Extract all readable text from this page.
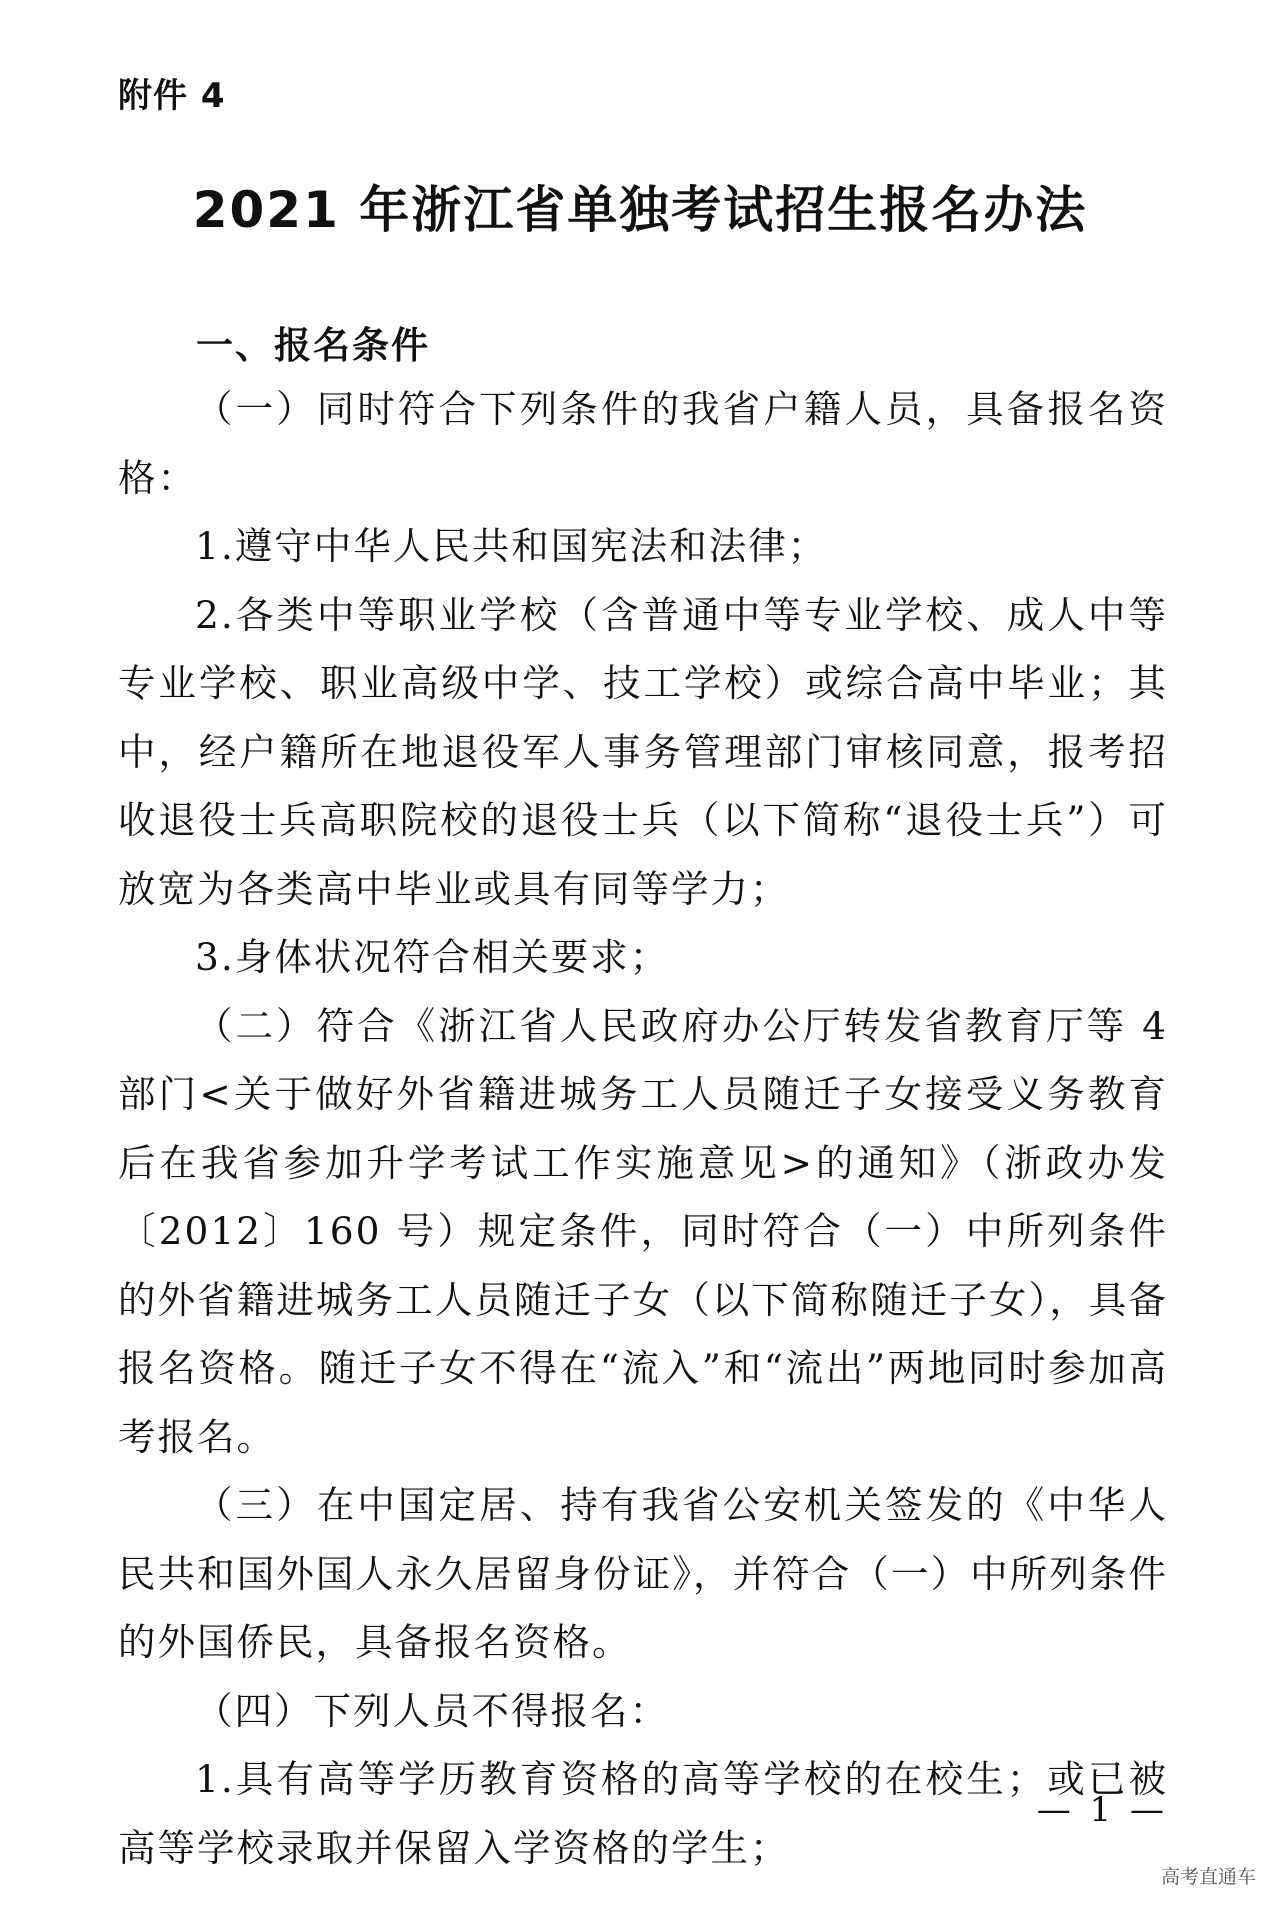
附件 4
2021 年浙江省单独考试招生报名办法
一、报名条件

（一）同时符合下列条件的我省户籍人员，具备报名资格：

1.遵守中华人民共和国宪法和法律；

2.各类中等职业学校（含普通中等专业学校、成人中等专业学校、职业高级中学、技工学校）或综合高中毕业；其中，经户籍所在地退役军人事务管理部门审核同意，报考招收退役士兵高职院校的退役士兵（以下简称“退役士兵”）可放宽为各类高中毕业或具有同等学力；

3.身体状况符合相关要求；

（二）符合《浙江省人民政府办公厅转发省教育厅等 4 部门<关于做好外省籍进城务工人员随迁子女接受义务教育后在我省参加升学考试工作实施意见>的通知》（浙政办发〔2012〕160 号）规定条件，同时符合（一）中所列条件的外省籍进城务工人员随迁子女（以下简称随迁子女），具备报名资格。随迁子女不得在“流入”和“流出”两地同时参加高考报名。

（三）在中国定居、持有我省公安机关签发的《中华人民共和国外国人永久居留身份证》，并符合（一）中所列条件的外国侨民，具备报名资格。

（四）下列人员不得报名：

1.具有高等学历教育资格的高等学校的在校生；或已被高等学校录取并保留入学资格的学生；

— 1 —
高考直通车
